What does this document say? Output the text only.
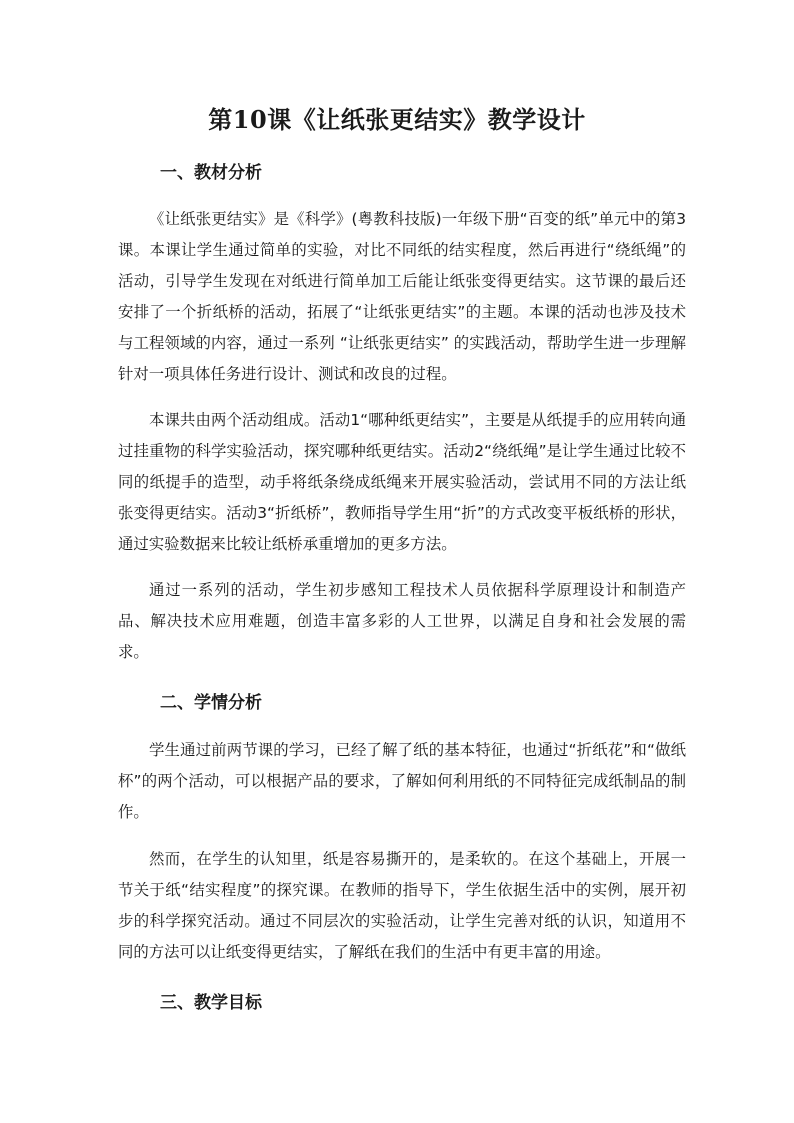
第10课《让纸张更结实》教学设计
一、教材分析

《让纸张更结实》是《科学》(粤教科技版)一年级下册“百变的纸”单元中的第3课。本课让学生通过简单的实验，对比不同纸的结实程度，然后再进行“绕纸绳”的活动，引导学生发现在对纸进行简单加工后能让纸张变得更结实。这节课的最后还安排了一个折纸桥的活动，拓展了“让纸张更结实”的主题。本课的活动也涉及技术与工程领域的内容，通过一系列 “让纸张更结实” 的实践活动，帮助学生进一步理解针对一项具体任务进行设计、测试和改良的过程。

本课共由两个活动组成。活动1“哪种纸更结实”，主要是从纸提手的应用转向通过挂重物的科学实验活动，探究哪种纸更结实。活动2“绕纸绳”是让学生通过比较不同的纸提手的造型，动手将纸条绕成纸绳来开展实验活动，尝试用不同的方法让纸张变得更结实。活动3“折纸桥”，教师指导学生用“折”的方式改变平板纸桥的形状，通过实验数据来比较让纸桥承重增加的更多方法。

通过一系列的活动，学生初步感知工程技术人员依据科学原理设计和制造产品、解决技术应用难题，创造丰富多彩的人工世界，以满足自身和社会发展的需求。

二、学情分析

学生通过前两节课的学习，已经了解了纸的基本特征，也通过“折纸花”和“做纸杯”的两个活动，可以根据产品的要求，了解如何利用纸的不同特征完成纸制品的制作。

然而，在学生的认知里，纸是容易撕开的，是柔软的。在这个基础上，开展一节关于纸“结实程度”的探究课。在教师的指导下，学生依据生活中的实例，展开初步的科学探究活动。通过不同层次的实验活动，让学生完善对纸的认识，知道用不同的方法可以让纸变得更结实，了解纸在我们的生活中有更丰富的用途。

三、教学目标
